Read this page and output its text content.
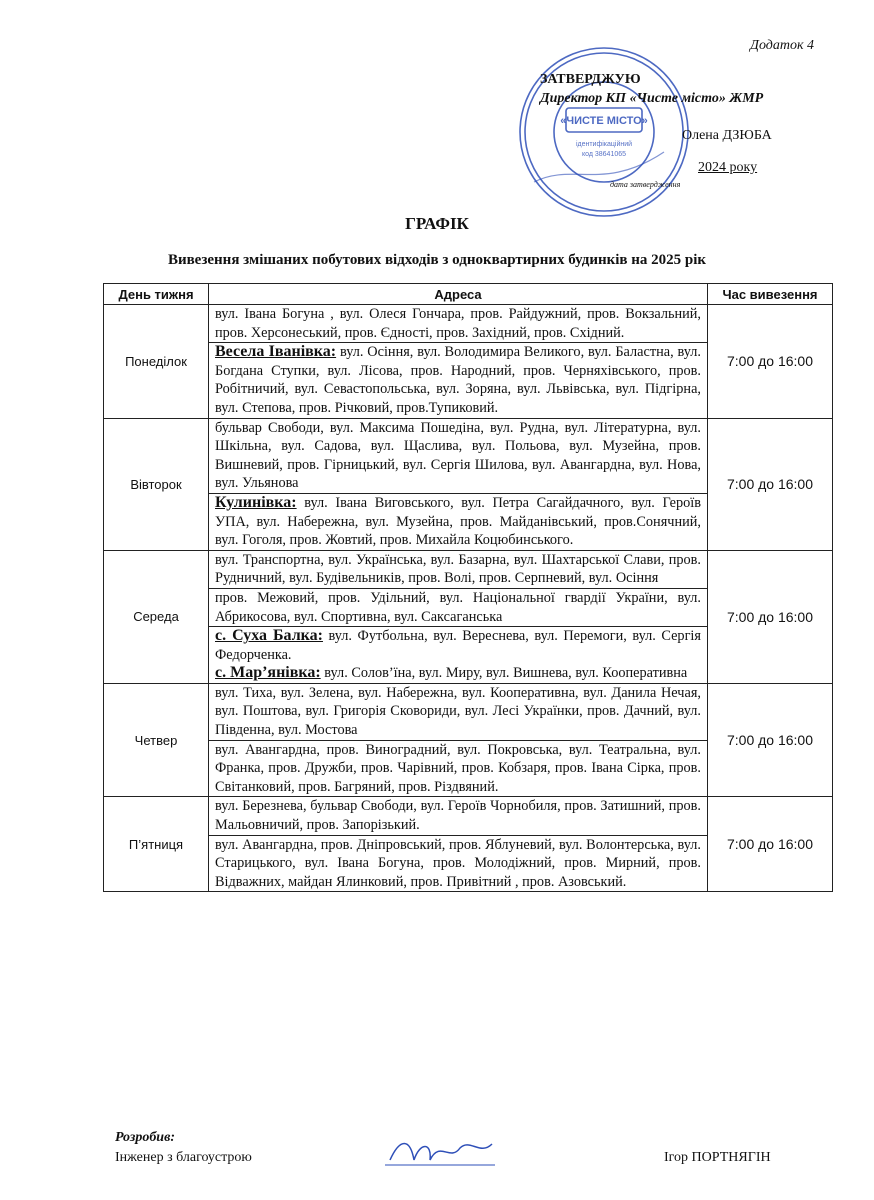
Додаток 4
«ЧИСТЕ МІСТО»
ідентифікаційний
код 38641065
ЗАТВЕРДЖУЮ
Директор КП «Чисте місто» ЖМР
Олена ДЗЮБА
2024 року
дата затвердження
ГРАФІК
Вивезення змішаних побутових відходів з одноквартирних будинків на 2025 рік
День тижня	Адреса	Час вивезення
Понеділок	вул. Івана Богуна , вул. Олеся Гончара, пров. Райдужний, пров. Вокзальний, пров. Херсонеський, пров. Єдності, пров. Західний, пров. Східний.	7:00 до 16:00
	Весела Іванівка: вул. Осіння, вул. Володимира Великого, вул. Баластна, вул. Богдана Ступки, вул. Лісова, пров. Народний, пров. Черняхівського, пров. Робітничий, вул. Севастопольська, вул. Зоряна, вул. Львівська, вул. Підгірна, вул. Степова, пров. Річковий, пров.Тупиковий.	
Вівторок	бульвар Свободи, вул. Максима Пошедіна, вул. Рудна, вул. Літературна, вул. Шкільна, вул. Садова, вул. Щаслива, вул. Польова, вул. Музейна, пров. Вишневий, пров. Гірницький, вул. Сергія Шилова, вул. Авангардна, вул. Нова, вул. Ульянова	7:00 до 16:00
	Кулинівка: вул. Івана Виговського, вул. Петра Сагайдачного, вул. Героїв УПА, вул. Набережна, вул. Музейна, пров. Майданівський, пров.Сонячний, вул. Гоголя, пров. Жовтий, пров. Михайла Коцюбинського.	
Середа	вул. Транспортна, вул. Українська, вул. Базарна, вул. Шахтарської Слави, пров. Рудничний, вул. Будівельників, пров. Волі, пров. Серпневий, вул. Осіння	7:00 до 16:00
	пров. Межовий, пров. Удільний, вул. Національної гвардії України, вул. Абрикосова, вул. Спортивна, вул. Саксаганська	
	с. Суха Балка: вул. Футбольна, вул. Вереснева, вул. Перемоги, вул. Сергія Федорченка.
с. Мар’янівка: вул. Солов’їна, вул. Миру, вул. Вишнева, вул. Кооперативна	

Четвер	вул. Тиха, вул. Зелена, вул. Набережна, вул. Кооперативна, вул. Данила Нечая, вул. Поштова, вул. Григорія Сковориди, вул. Лесі Українки, пров. Дачний, вул. Південна, вул. Мостова	7:00 до 16:00
	вул. Авангардна, пров. Виноградний, вул. Покровська, вул. Театральна, вул. Франка, пров. Дружби, пров. Чарівний, пров. Кобзаря, пров. Івана Сірка, пров. Світанковий, пров. Багряний, пров. Різдвяний.	
П’ятниця	вул. Березнева, бульвар Свободи, вул. Героїв Чорнобиля, пров. Затишний, пров. Мальовничий, пров. Запорізький.	7:00 до 16:00
	вул. Авангардна, пров. Дніпровський, пров. Яблуневий, вул. Волонтерська, вул. Старицького, вул. Івана Богуна, пров. Молодіжний, пров. Мирний, пров. Відважних, майдан Ялинковий, пров. Привітний , пров. Азовський.	
Розробив:
Інженер з благоустрою	Ігор ПОРТНЯГІН
